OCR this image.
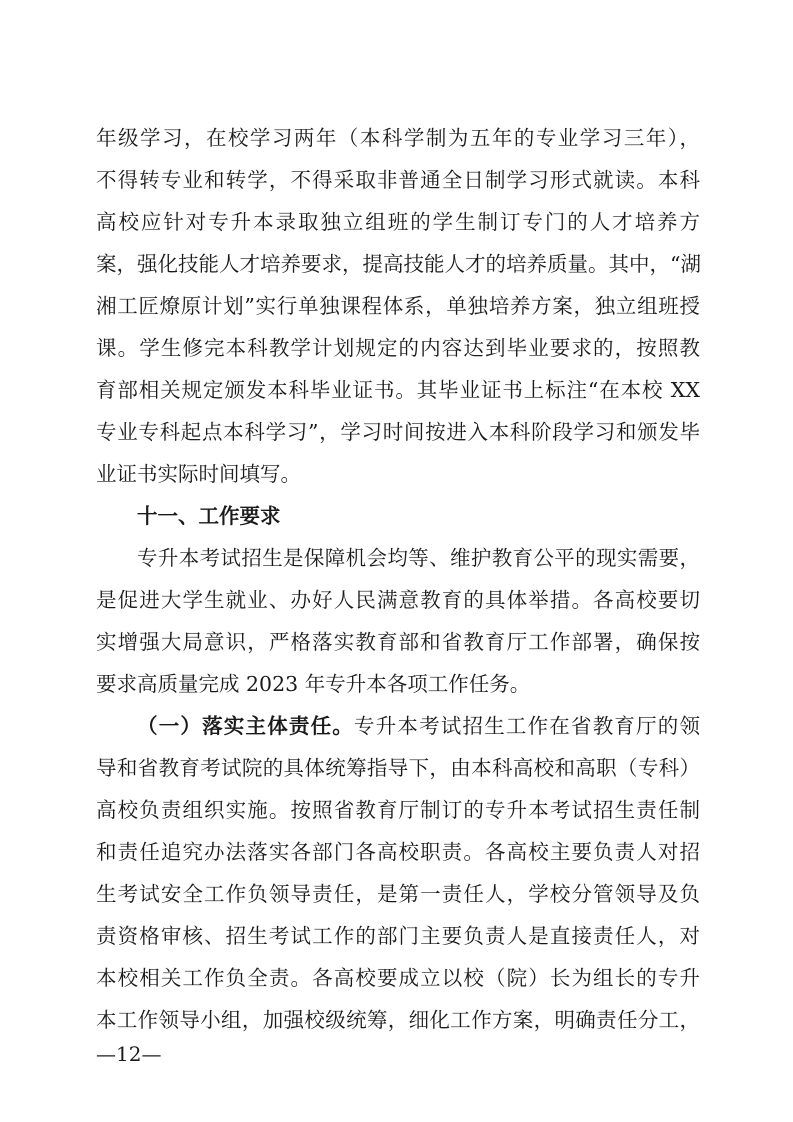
年级学习，在校学习两年（本科学制为五年的专业学习三年），
不得转专业和转学，不得采取非普通全日制学习形式就读。本科
高校应针对专升本录取独立组班的学生制订专门的人才培养方
案，强化技能人才培养要求，提高技能人才的培养质量。其中，“湖
湘工匠燎原计划”实行单独课程体系，单独培养方案，独立组班授
课。学生修完本科教学计划规定的内容达到毕业要求的，按照教
育部相关规定颁发本科毕业证书。其毕业证书上标注“在本校 XX
专业专科起点本科学习”，学习时间按进入本科阶段学习和颁发毕
业证书实际时间填写。
十一、工作要求
专升本考试招生是保障机会均等、维护教育公平的现实需要，
是促进大学生就业、办好人民满意教育的具体举措。各高校要切
实增强大局意识，严格落实教育部和省教育厅工作部署，确保按
要求高质量完成 2023 年专升本各项工作任务。
（一）落实主体责任。专升本考试招生工作在省教育厅的领
导和省教育考试院的具体统筹指导下，由本科高校和高职（专科）
高校负责组织实施。按照省教育厅制订的专升本考试招生责任制
和责任追究办法落实各部门各高校职责。各高校主要负责人对招
生考试安全工作负领导责任，是第一责任人，学校分管领导及负
责资格审核、招生考试工作的部门主要负责人是直接责任人，对
本校相关工作负全责。各高校要成立以校（院）长为组长的专升
本工作领导小组，加强校级统筹，细化工作方案，明确责任分工，
—12—
